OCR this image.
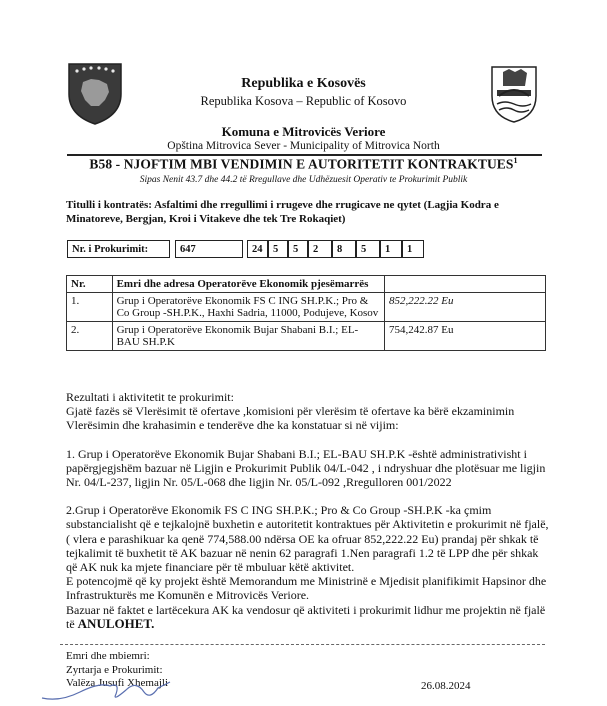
Republika e Kosovës
Republika Kosova – Republic of Kosovo
Komuna e Mitrovicës Veriore
Opština Mitrovica Sever - Municipality of Mitrovica North
B58 - NJOFTIM MBI VENDIMIN E AUTORITETIT KONTRAKTUES$^1$
Sipas Nenit 43.7 dhe 44.2 të Rregullave dhe Udhëzuesit Operativ te Prokurimit Publik
Titulli i kontratës: Asfaltimi dhe rregullimi i rrugeve dhe rrugicave ne qytet (Lagjia Kodra e
Minatoreve, Bergjan, Kroi i Vitakeve dhe tek Tre Rokaqiet)
Nr. i Prokurimit:	647	24	5	5	2	8	5	1	1
Nr.	Emri dhe adresa Operatorëve Ekonomik pjesëmarrës	
1.	Grup i Operatorëve Ekonomik FS C ING SH.P.K.; Pro & Co Group -SH.P.K., Haxhi Sadria, 11000, Podujeve, Kosov	852,222.22 Eu
2.	Grup i Operatorëve Ekonomik Bujar Shabani B.I.; EL-BAU SH.P.K	754,242.87 Eu

Rezultati i aktivitetit te prokurimit:

Gjatë fazës së Vlerësimit të ofertave ,komisioni për vlerësim të ofertave ka bërë ekzaminimin Vlerësimin dhe krahasimin e tenderëve dhe ka konstatuar si në vijim:

1. Grup i Operatorëve Ekonomik Bujar Shabani B.I.; EL-BAU SH.P.K -është administrativisht i papërgjegjshëm bazuar në Ligjin e Prokurimit Publik 04/L-042 , i ndryshuar dhe plotësuar me ligjin Nr. 04/L-237, ligjin Nr. 05/L-068 dhe ligjin Nr. 05/L-092 ,Rregulloren 001/2022

2.Grup i Operatorëve Ekonomik FS C ING SH.P.K.; Pro & Co Group -SH.P.K -ka çmim substancialisht që e tejkalojnë buxhetin e autoritetit kontraktues për Aktivitetin e prokurimit në fjalë,( vlera e parashikuar ka qenë 774,588.00 ndërsa OE ka ofruar 852,222.22 Eu) prandaj për shkak të tejkalimit të buxhetit të AK bazuar në nenin 62 paragrafi 1.Nen paragrafi 1.2 të LPP dhe për shkak që AK nuk ka mjete financiare për të mbuluar këtë aktivitet.

E potencojmë që ky projekt është Memorandum me Ministrinë e Mjedisit planifikimit Hapsinor dhe Infrastrukturës me Komunën e Mitrovicës Veriore.

Bazuar në faktet e lartëcekura AK ka vendosur që aktiviteti i prokurimit lidhur me projektin në fjalë të ANULOHET.

Emri dhe mbiemri:
Zyrtarja e Prokurimit:
Valëza Jusufi Xhemajli	26.08.2024
